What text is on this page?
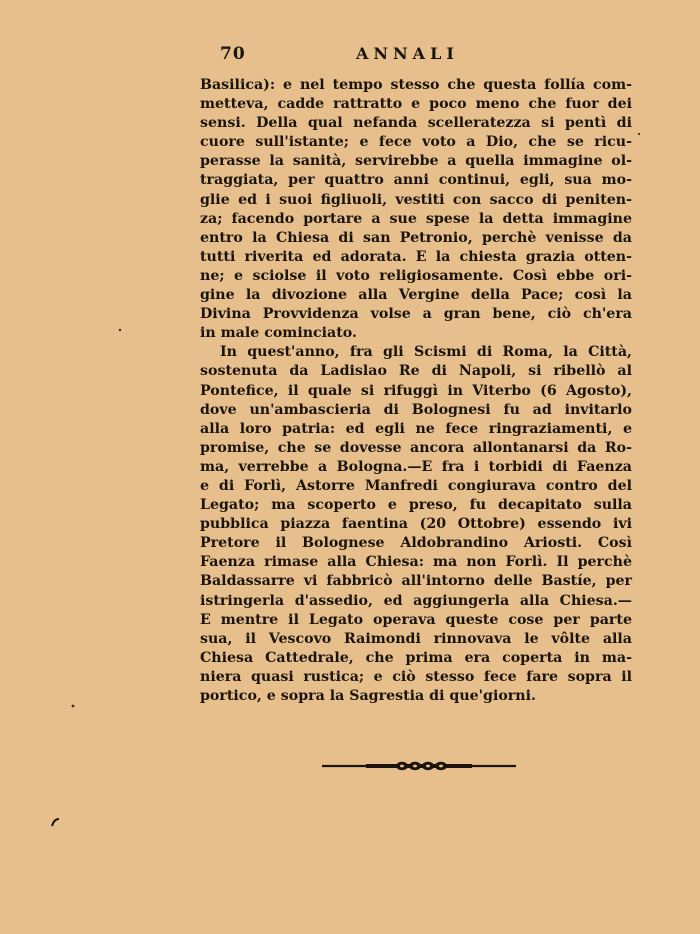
70	ANNALI
Basilica): e nel tempo stesso che questa follía com-
metteva, cadde rattratto e poco meno che fuor dei
sensi. Della qual nefanda scelleratezza si pentì di
cuore sull'istante; e fece voto a Dio, che se ricu-
perasse la sanità, servirebbe a quella immagine ol-
traggiata, per quattro anni continui, egli, sua mo-
glie ed i suoi figliuoli, vestiti con sacco di peniten-
za; facendo portare a sue spese la detta immagine
entro la Chiesa di san Petronio, perchè venisse da
tutti riverita ed adorata. E la chiesta grazia otten-
ne; e sciolse il voto religiosamente. Così ebbe ori-
gine la divozione alla Vergine della Pace; così la
Divina Provvidenza volse a gran bene, ciò ch'era
in male cominciato.
In quest'anno, fra gli Scismi di Roma, la Città,
sostenuta da Ladislao Re di Napoli, si ribellò al
Pontefice, il quale si rifuggì in Viterbo (6 Agosto),
dove un'ambascieria di Bolognesi fu ad invitarlo
alla loro patria: ed egli ne fece ringraziamenti, e
promise, che se dovesse ancora allontanarsi da Ro-
ma, verrebbe a Bologna.—E fra i torbidi di Faenza
e di Forlì, Astorre Manfredi congiurava contro del
Legato; ma scoperto e preso, fu decapitato sulla
pubblica piazza faentina (20 Ottobre) essendo ivi
Pretore il Bolognese Aldobrandino Ariosti. Così
Faenza rimase alla Chiesa: ma non Forlì. Il perchè
Baldassarre vi fabbricò all'intorno delle Bastíe, per
istringerla d'assedio, ed aggiungerla alla Chiesa.—
E mentre il Legato operava queste cose per parte
sua, il Vescovo Raimondi rinnovava le vôlte alla
Chiesa Cattedrale, che prima era coperta in ma-
niera quasi rustica; e ciò stesso fece fare sopra il
portico, e sopra la Sagrestia di que'giorni.
